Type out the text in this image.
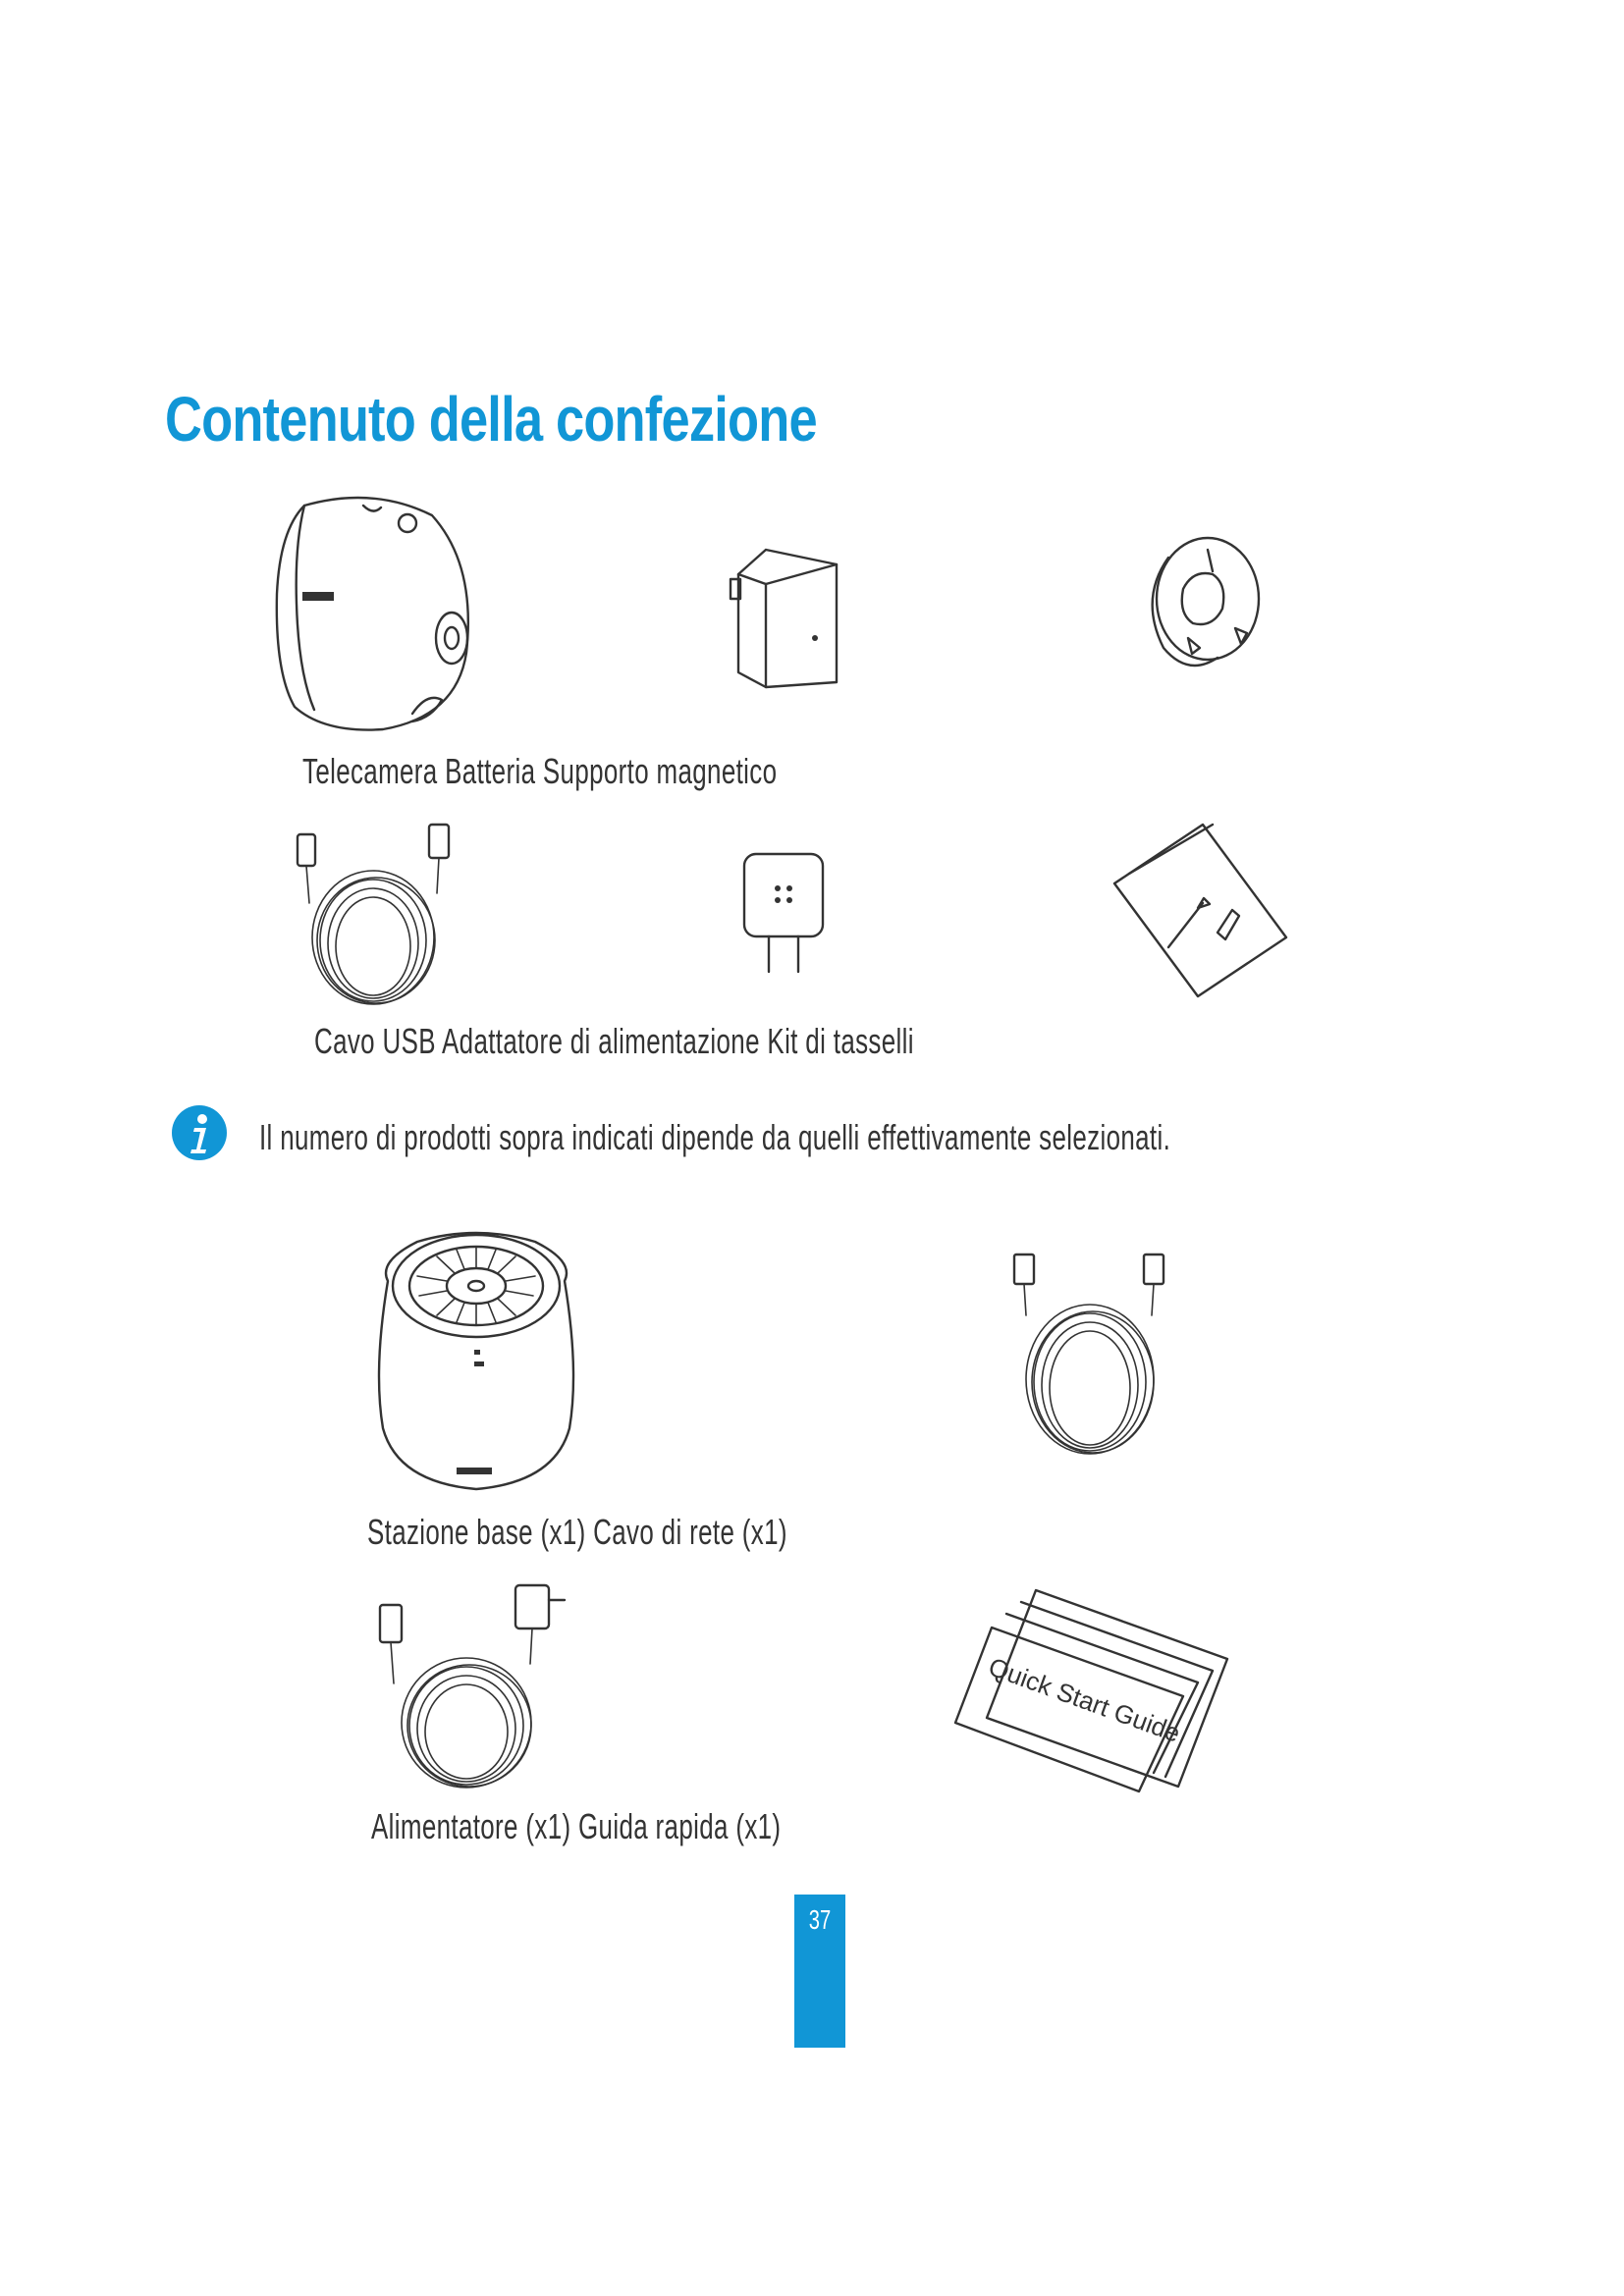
Contenuto della confezione
Telecamera Batteria Supporto magnetico
Cavo USB Adattatore di alimentazione Kit di tasselli
Il numero di prodotti sopra indicati dipende da quelli effettivamente selezionati.
Stazione base (x1) Cavo di rete (x1)
Quick Start Guide
Alimentatore (x1) Guida rapida (x1)
37
